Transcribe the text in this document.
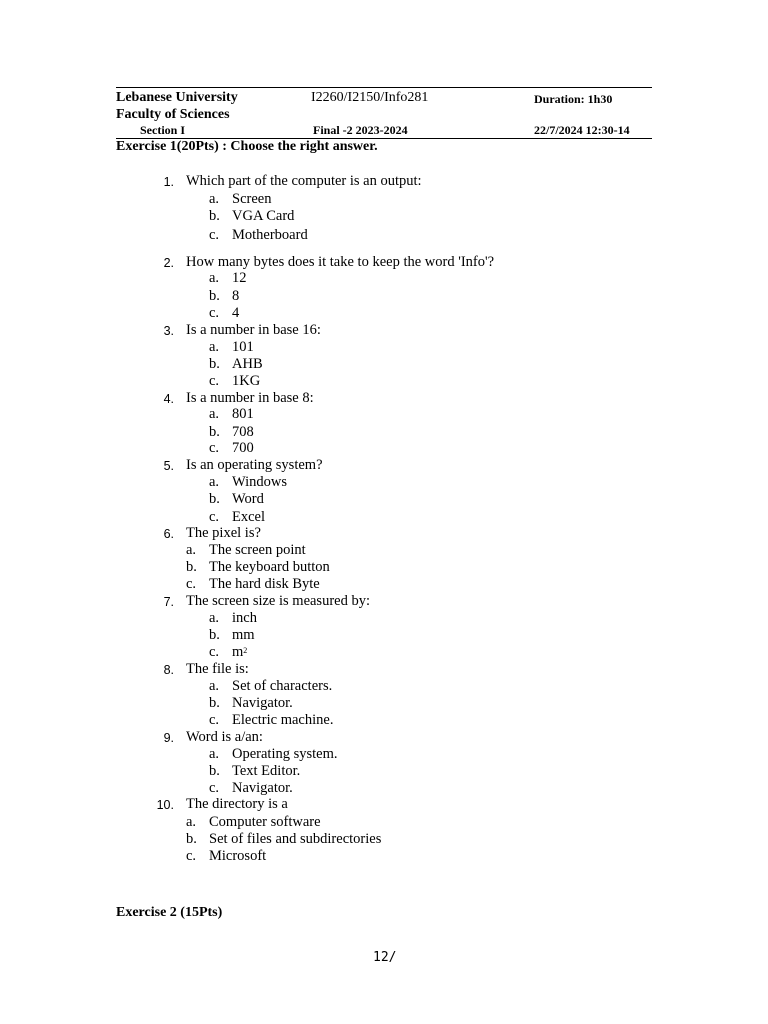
Lebanese University
Faculty of Sciences
Section I
I2260/I2150/Info281
Final -2 2023-2024
Duration: 1h30
22/7/2024 12:30-14
Exercise 1(20Pts) : Choose the right answer.
1. Which part of the computer is an output:
a. Screen
b. VGA Card
c. Motherboard
2. How many bytes does it take to keep the word 'Info'?
a. 12
b. 8
c. 4
3. Is a number in base 16:
a. 101
b. AHB
c. 1KG
4. Is a number in base 8:
a. 801
b. 708
c. 700
5. Is an operating system?
a. Windows
b. Word
c. Excel
6. The pixel is?
a. The screen point
b. The keyboard button
c. The hard disk Byte
7. The screen size is measured by:
a. inch
b. mm
c. $m^2$
8. The file is:
a. Set of characters.
b. Navigator.
c. Electric machine.
9. Word is a/an:
a. Operating system.
b. Text Editor.
c. Navigator.
10. The directory is a
a. Computer software
b. Set of files and subdirectories
c. Microsoft
Exercise 2 (15Pts)
12/
